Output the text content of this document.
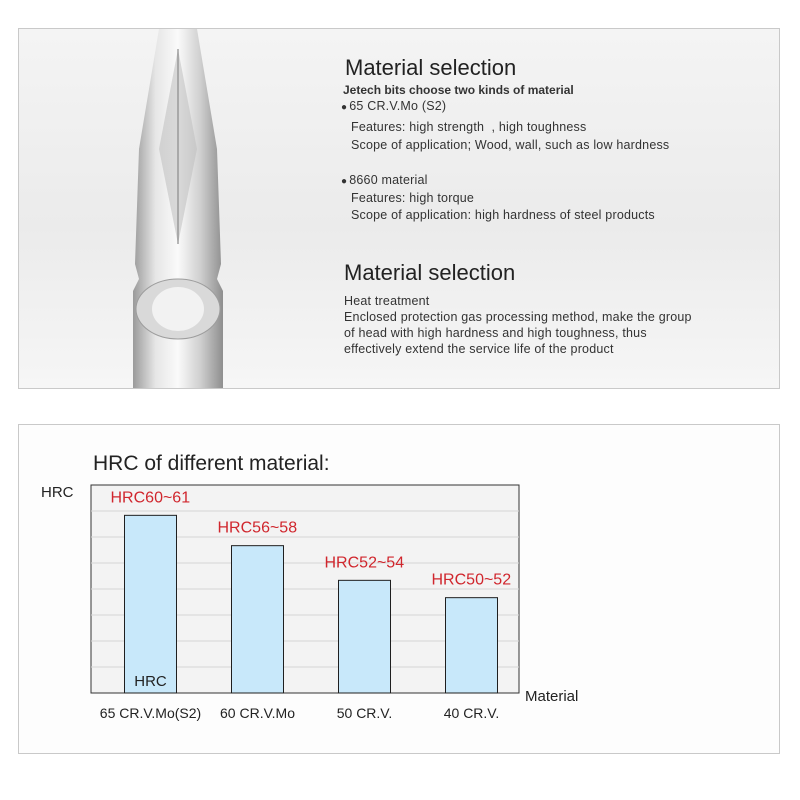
Material selection
Jetech bits choose two kinds of material
● 65 CR.V.Mo (S2)
Features: high strength  , high toughness
Scope of application; Wood, wall, such as low hardness
● 8660 material
Features: high torque
Scope of application: high hardness of steel products
Material selection
Heat treatment
Enclosed protection gas processing method, make the group
of head with high hardness and high toughness, thus
effectively extend the service life of the product
HRC of different material:
HRC
Material
HRC60~61
65 CR.V.Mo(S2)
HRC
HRC56~58
60 CR.V.Mo
HRC52~54
50 CR.V.
HRC50~52
40 CR.V.
